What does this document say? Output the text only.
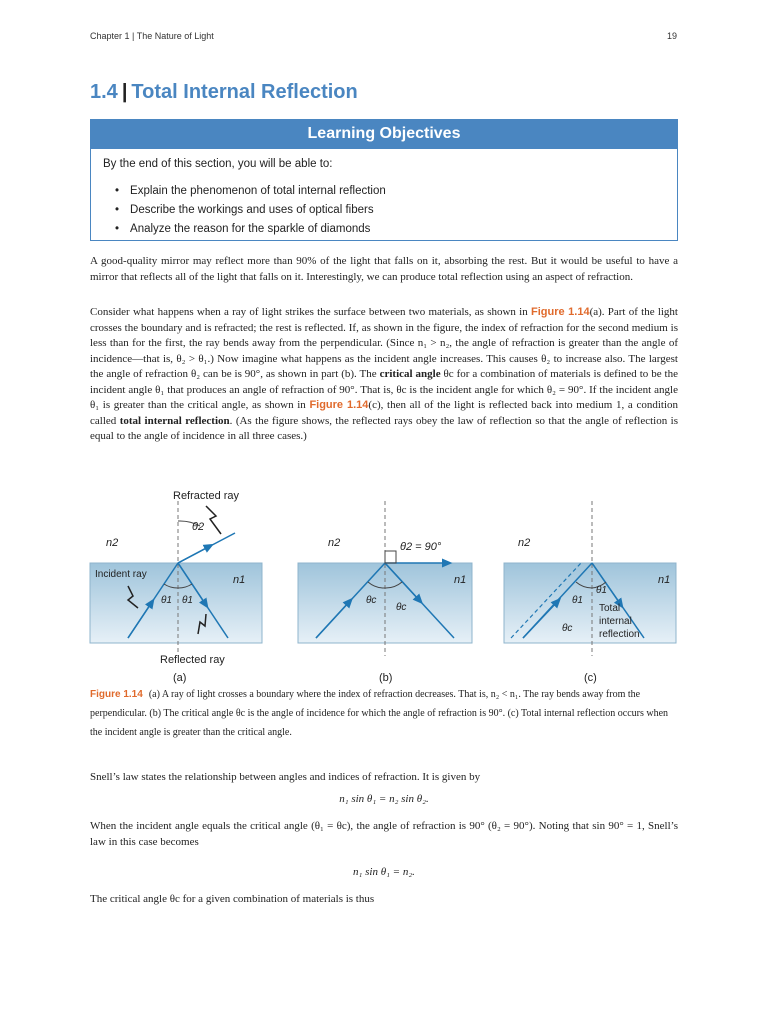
Chapter 1 | The Nature of Light	19
1.4 | Total Internal Reflection
Learning Objectives
By the end of this section, you will be able to:
• Explain the phenomenon of total internal reflection
• Describe the workings and uses of optical fibers
• Analyze the reason for the sparkle of diamonds

A good-quality mirror may reflect more than 90% of the light that falls on it, absorbing the rest. But it would be useful to have a mirror that reflects all of the light that falls on it. Interestingly, we can produce total reflection using an aspect of refraction.

Consider what happens when a ray of light strikes the surface between two materials, as shown in Figure 1.14(a). Part of the light crosses the boundary and is refracted; the rest is reflected. If, as shown in the figure, the index of refraction for the second medium is less than for the first, the ray bends away from the perpendicular. (Since n₁ > n₂, the angle of refraction is greater than the angle of incidence—that is, θ₂ > θ₁.) Now imagine what happens as the incident angle increases. This causes θ₂ to increase also. The largest the angle of refraction θ₂ can be is 90°, as shown in part (b). The critical angle θc for a combination of materials is defined to be the incident angle θ₁ that produces an angle of refraction of 90°. That is, θc is the incident angle for which θ₂ = 90°. If the incident angle θ₁ is greater than the critical angle, as shown in Figure 1.14(c), then all of the light is reflected back into medium 1, a condition called total internal reflection. (As the figure shows, the reflected rays obey the law of reflection so that the angle of reflection is equal to the angle of incidence in all three cases.)

Refracted ray
n2
n1
θ2
Incident ray
θ1 θ1
Reflected ray
(a)
n2
n1
θ2 = 90°
θc
θc
(b)
n2
n1
θ1
θ1
θc
Total
internal
reflection
(c)

Figure 1.14 (a) A ray of light crosses a boundary where the index of refraction decreases. That is, n₂ < n₁. The ray bends away from the perpendicular. (b) The critical angle θc is the angle of incidence for which the angle of refraction is 90°. (c) Total internal reflection occurs when the incident angle is greater than the critical angle.

Snell’s law states the relationship between angles and indices of refraction. It is given by

n₁ sin θ₁ = n₂ sin θ₂.

When the incident angle equals the critical angle (θ₁ = θc), the angle of refraction is 90° (θ₂ = 90°). Noting that sin 90° = 1, Snell’s law in this case becomes

n₁ sin θ₁ = n₂.

The critical angle θc for a given combination of materials is thus
